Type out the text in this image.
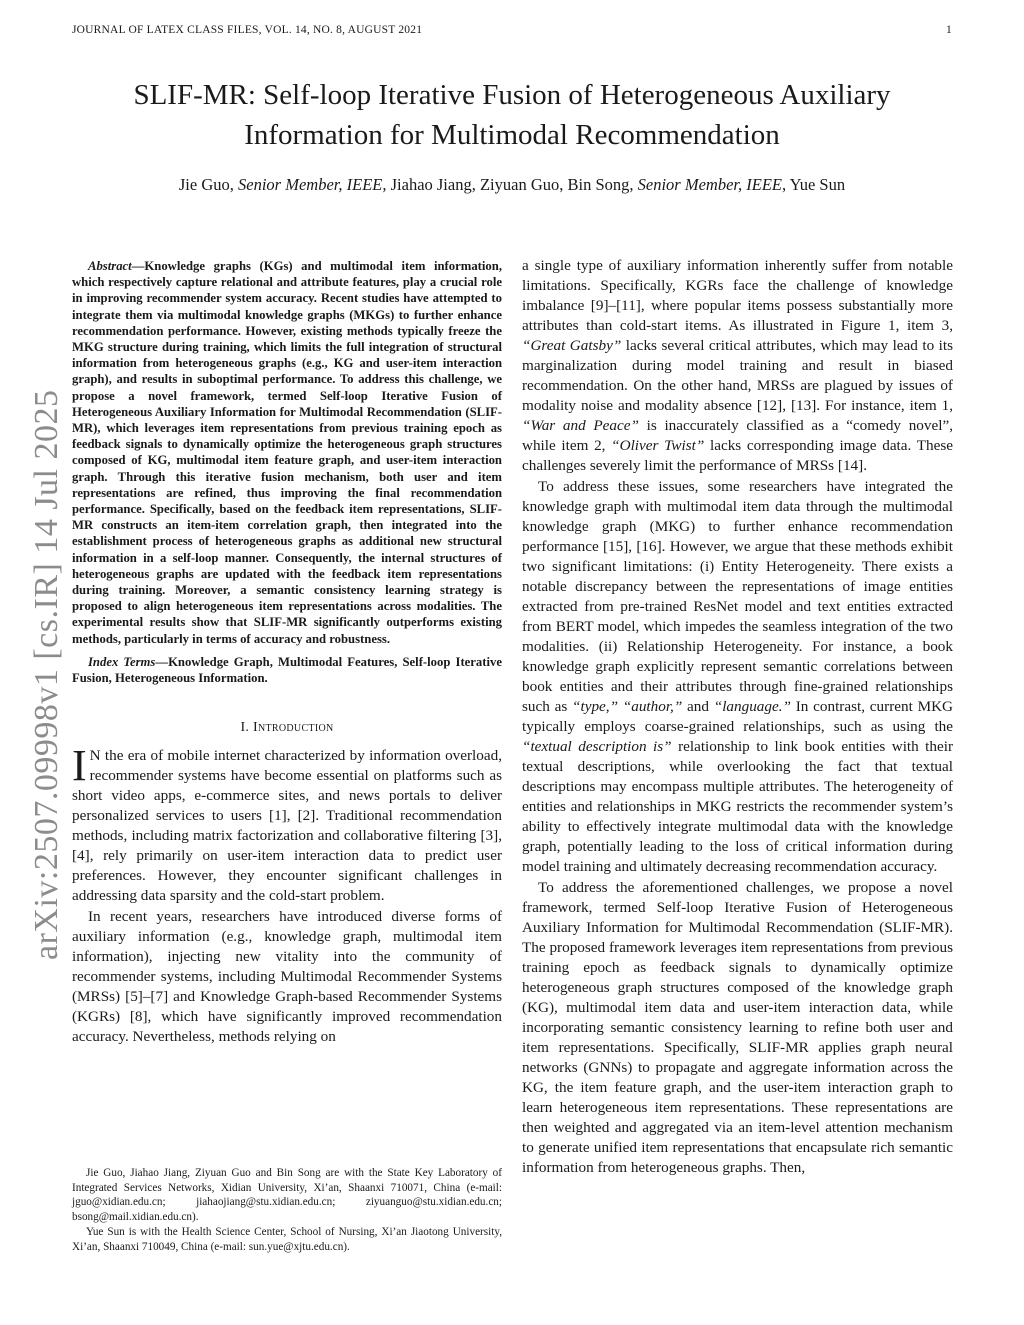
JOURNAL OF LATEX CLASS FILES, VOL. 14, NO. 8, AUGUST 2021	1
arXiv:2507.09998v1 [cs.IR] 14 Jul 2025
SLIF-MR: Self-loop Iterative Fusion of Heterogeneous Auxiliary
Information for Multimodal Recommendation
Jie Guo, Senior Member, IEEE, Jiahao Jiang, Ziyuan Guo, Bin Song, Senior Member, IEEE, Yue Sun

Abstract—Knowledge graphs (KGs) and multimodal item information, which respectively capture relational and attribute features, play a crucial role in improving recommender system accuracy. Recent studies have attempted to integrate them via multimodal knowledge graphs (MKGs) to further enhance recommendation performance. However, existing methods typically freeze the MKG structure during training, which limits the full integration of structural information from heterogeneous graphs (e.g., KG and user-item interaction graph), and results in suboptimal performance. To address this challenge, we propose a novel framework, termed Self-loop Iterative Fusion of Heterogeneous Auxiliary Information for Multimodal Recommendation (SLIF-MR), which leverages item representations from previous training epoch as feedback signals to dynamically optimize the heterogeneous graph structures composed of KG, multimodal item feature graph, and user-item interaction graph. Through this iterative fusion mechanism, both user and item representations are refined, thus improving the final recommendation performance. Specifically, based on the feedback item representations, SLIF-MR constructs an item-item correlation graph, then integrated into the establishment process of heterogeneous graphs as additional new structural information in a self-loop manner. Consequently, the internal structures of heterogeneous graphs are updated with the feedback item representations during training. Moreover, a semantic consistency learning strategy is proposed to align heterogeneous item representations across modalities. The experimental results show that SLIF-MR significantly outperforms existing methods, particularly in terms of accuracy and robustness.

Index Terms—Knowledge Graph, Multimodal Features, Self-loop Iterative Fusion, Heterogeneous Information.

I. Introduction

I N the era of mobile internet characterized by information overload, recommender systems have become essential on platforms such as short video apps, e-commerce sites, and news portals to deliver personalized services to users [1], [2]. Traditional recommendation methods, including matrix factorization and collaborative filtering [3], [4], rely primarily on user-item interaction data to predict user preferences. However, they encounter significant challenges in addressing data sparsity and the cold-start problem.

In recent years, researchers have introduced diverse forms of auxiliary information (e.g., knowledge graph, multimodal item information), injecting new vitality into the community of recommender systems, including Multimodal Recommender Systems (MRSs) [5]–[7] and Knowledge Graph-based Recommender Systems (KGRs) [8], which have significantly improved recommendation accuracy. Nevertheless, methods relying on

Jie Guo, Jiahao Jiang, Ziyuan Guo and Bin Song are with the State Key Laboratory of Integrated Services Networks, Xidian University, Xi’an, Shaanxi 710071, China (e-mail: jguo@xidian.edu.cn; jiahaojiang@stu.xidian.edu.cn; ziyuanguo@stu.xidian.edu.cn; bsong@mail.xidian.edu.cn).

Yue Sun is with the Health Science Center, School of Nursing, Xi’an Jiaotong University, Xi’an, Shaanxi 710049, China (e-mail: sun.yue@xjtu.edu.cn).

a single type of auxiliary information inherently suffer from notable limitations. Specifically, KGRs face the challenge of knowledge imbalance [9]–[11], where popular items possess substantially more attributes than cold-start items. As illustrated in Figure 1, item 3, “Great Gatsby” lacks several critical attributes, which may lead to its marginalization during model training and result in biased recommendation. On the other hand, MRSs are plagued by issues of modality noise and modality absence [12], [13]. For instance, item 1, “War and Peace” is inaccurately classified as a “comedy novel”, while item 2, “Oliver Twist” lacks corresponding image data. These challenges severely limit the performance of MRSs [14].

To address these issues, some researchers have integrated the knowledge graph with multimodal item data through the multimodal knowledge graph (MKG) to further enhance recommendation performance [15], [16]. However, we argue that these methods exhibit two significant limitations: (i) Entity Heterogeneity. There exists a notable discrepancy between the representations of image entities extracted from pre-trained ResNet model and text entities extracted from BERT model, which impedes the seamless integration of the two modalities. (ii) Relationship Heterogeneity. For instance, a book knowledge graph explicitly represent semantic correlations between book entities and their attributes through fine-grained relationships such as “type,” “author,” and “language.” In contrast, current MKG typically employs coarse-grained relationships, such as using the “textual description is” relationship to link book entities with their textual descriptions, while overlooking the fact that textual descriptions may encompass multiple attributes. The heterogeneity of entities and relationships in MKG restricts the recommender system’s ability to effectively integrate multimodal data with the knowledge graph, potentially leading to the loss of critical information during model training and ultimately decreasing recommendation accuracy.

To address the aforementioned challenges, we propose a novel framework, termed Self-loop Iterative Fusion of Heterogeneous Auxiliary Information for Multimodal Recommendation (SLIF-MR). The proposed framework leverages item representations from previous training epoch as feedback signals to dynamically optimize heterogeneous graph structures composed of the knowledge graph (KG), multimodal item data and user-item interaction data, while incorporating semantic consistency learning to refine both user and item representations. Specifically, SLIF-MR applies graph neural networks (GNNs) to propagate and aggregate information across the KG, the item feature graph, and the user-item interaction graph to learn heterogeneous item representations. These representations are then weighted and aggregated via an item-level attention mechanism to generate unified item representations that encapsulate rich semantic information from heterogeneous graphs. Then,
